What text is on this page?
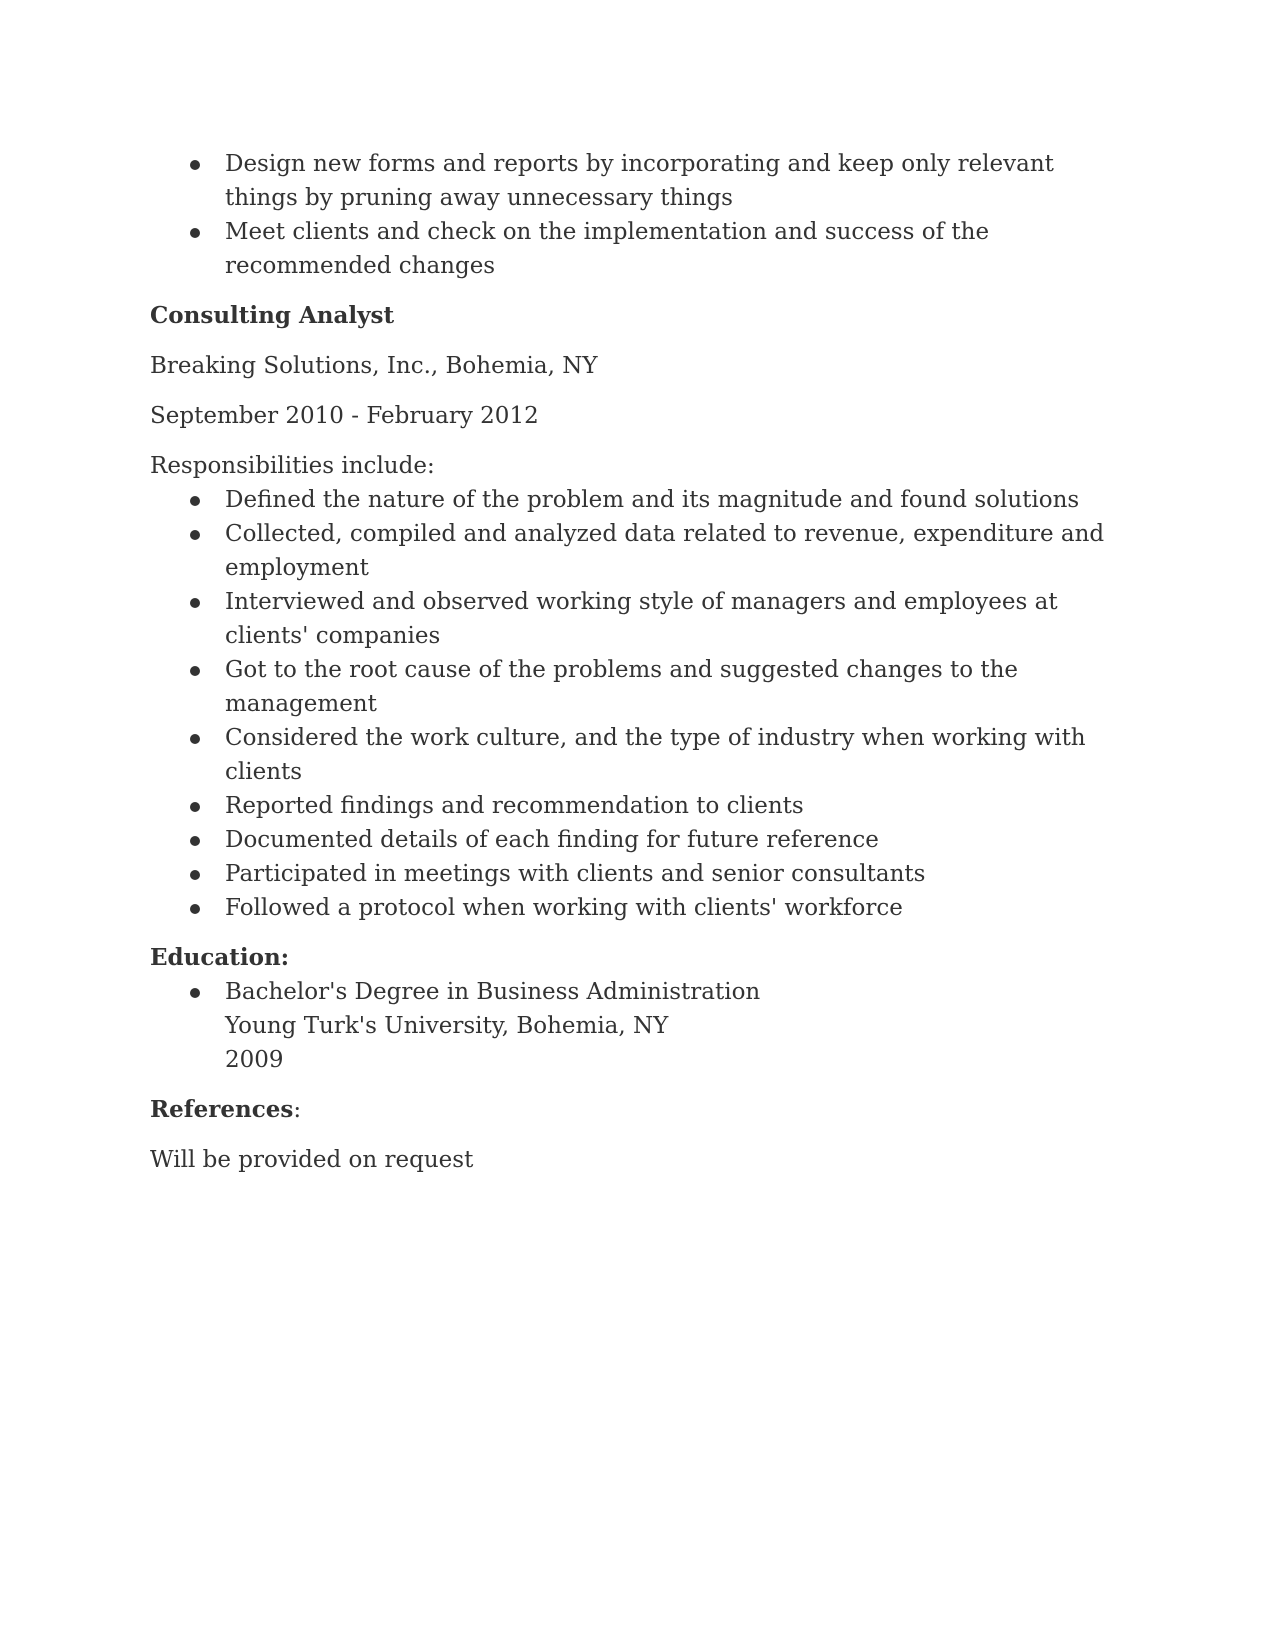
Design new forms and reports by incorporating and keep only relevant things by pruning away unnecessary things
Meet clients and check on the implementation and success of the recommended changes

Consulting Analyst

Breaking Solutions, Inc., Bohemia, NY

September 2010 - February 2012

Responsibilities include:

Defined the nature of the problem and its magnitude and found solutions
Collected, compiled and analyzed data related to revenue, expenditure and employment
Interviewed and observed working style of managers and employees at clients' companies
Got to the root cause of the problems and suggested changes to the management
Considered the work culture, and the type of industry when working with clients
Reported findings and recommendation to clients
Documented details of each finding for future reference
Participated in meetings with clients and senior consultants
Followed a protocol when working with clients' workforce

Education:

Bachelor's Degree in Business Administration
Young Turk's University, Bohemia, NY
2009

References:

Will be provided on request
